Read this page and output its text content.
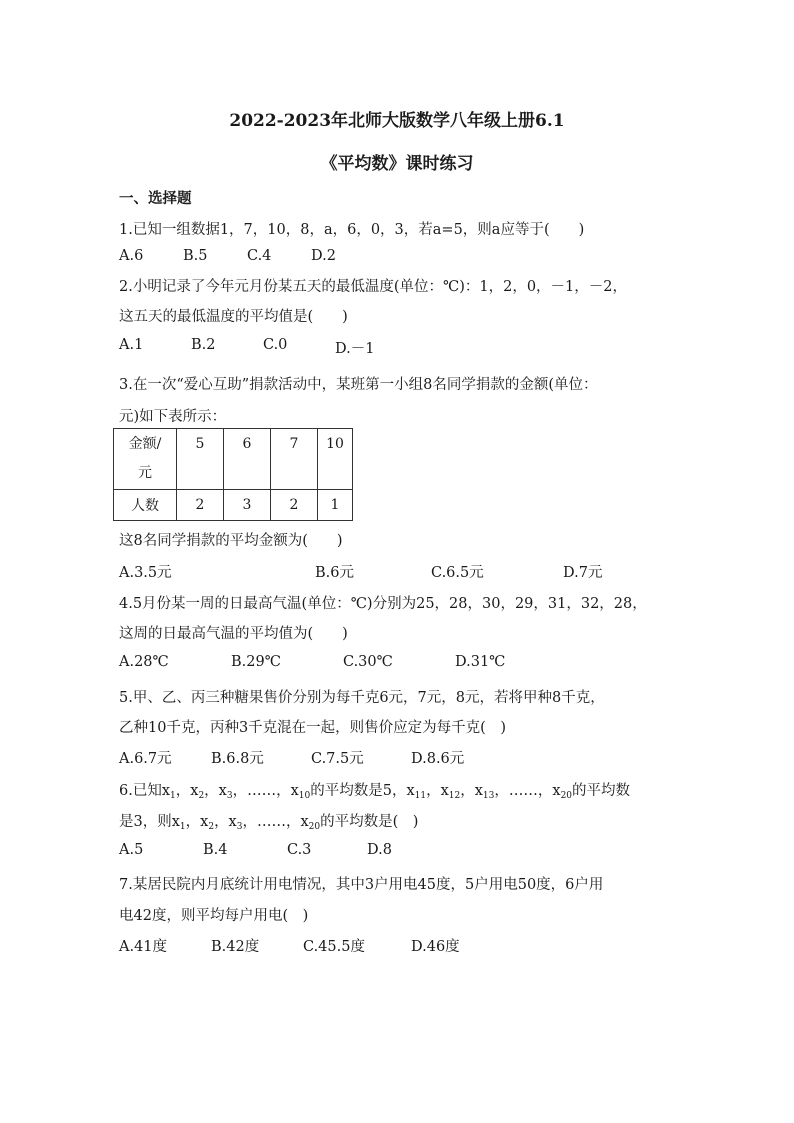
2022-2023年北师大版数学八年级上册6.1
《平均数》课时练习
一、选择题
1.已知一组数据1，7，10，8，a，6，0，3，若a=5，则a应等于(　　)
A.6	B.5	C.4	D.2
2.小明记录了今年元月份某五天的最低温度(单位：℃)：1，2，0，－1，－2，
这五天的最低温度的平均值是(　　)
A.1	B.2	C.0	D.－1
3.在一次“爱心互助”捐款活动中，某班第一小组8名同学捐款的金额(单位：
元)如下表所示：
金额/
元	5	6	7	10
人数	2	3	2	1
这8名同学捐款的平均金额为(　　)
A.3.5元	B.6元	C.6.5元	D.7元
4.5月份某一周的日最高气温(单位：℃)分别为25，28，30，29，31，32，28，
这周的日最高气温的平均值为(　　)
A.28℃	B.29℃	C.30℃	D.31℃
5.甲、乙、丙三种糖果售价分别为每千克6元，7元，8元，若将甲种8千克，
乙种10千克，丙种3千克混在一起，则售价应定为每千克(　)
A.6.7元	B.6.8元	C.7.5元	D.8.6元
6.已知$x_1$，$x_2$，$x_3$，……，$x_{10}$的平均数是5，$x_{11}$，$x_{12}$，$x_{13}$，……，$x_{20}$的平均数
是3，则$x_1$，$x_2$，$x_3$，……，$x_{20}$的平均数是(　)
A.5	B.4	C.3	D.8
7.某居民院内月底统计用电情况，其中3户用电45度，5户用电50度，6户用
电42度，则平均每户用电(　)
A.41度	B.42度	C.45.5度	D.46度
